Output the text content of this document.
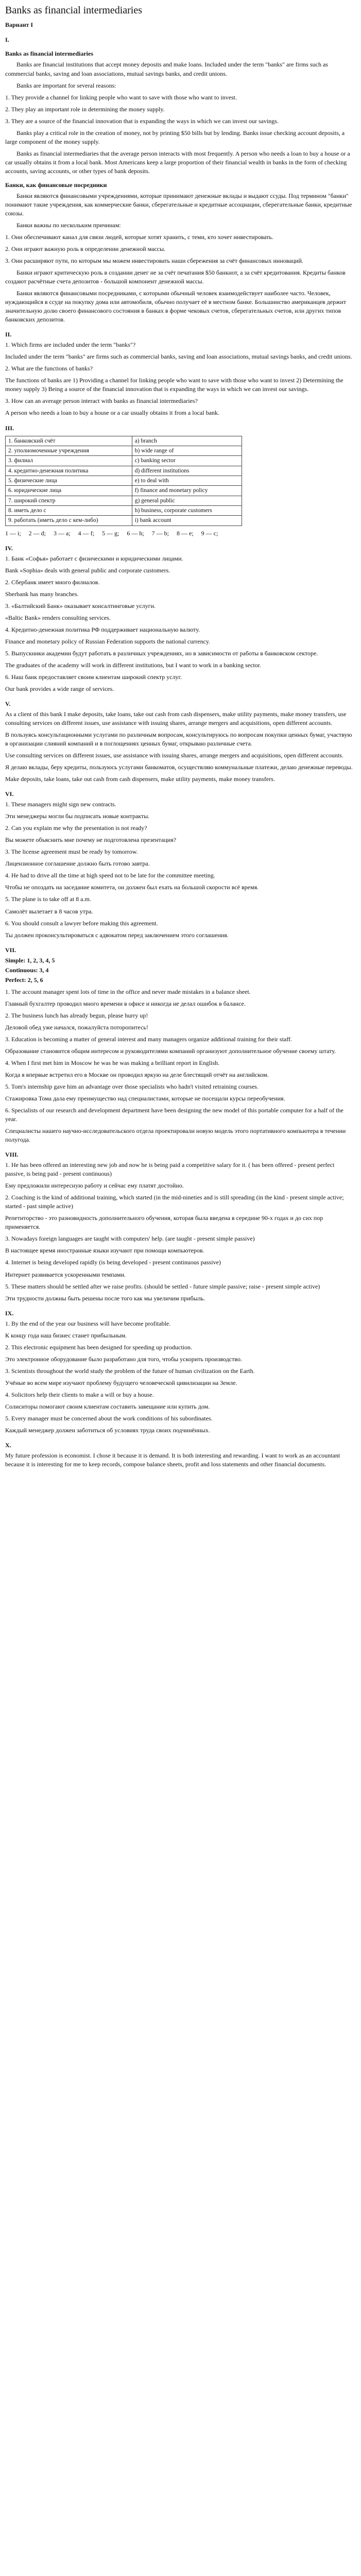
Banks as financial intermediaries

Вариант I

I.

Banks as financial intermediaries

Banks are financial institutions that accept money deposits and make loans. Included under the term "banks" are firms such as commercial banks, saving and loan associations, mutual savings banks, and credit unions.

Banks are important for several reasons:

1. They provide a channel for linking people who want to save with those who want to invest.

2. They play an important role in determining the money supply.

3. They are a source of the financial innovation that is expanding the ways in which we can invest our savings.

Banks play a critical role in the creation of money, not by printing $50 bills but by lending. Banks issue checking account deposits, a large component of the money supply.

Banks as financial intermediaries that the average person interacts with most frequently. A person who needs a loan to buy a house or a car usually obtains it from a local bank. Most Americans keep a large proportion of their financial wealth in banks in the form of checking accounts, saving accounts, or other types of bank deposits.

Банки, как финансовые посредники

Банки являются финансовыми учреждениями, которые принимают денежные вклады и выдают ссуды. Под термином "банки" понимают такие учреждения, как коммерческие банки, сберегательные и кредитные ассоциации, сберегательные банки, кредитные союзы.

Банки важны по нескольким причинам:

1. Они обеспечивают канал для связи людей, которые хотят хранить, с теми, кто хочет инвестировать.

2. Они играют важную роль в определении денежной массы.

3. Они расширяют пути, по которым мы можем инвестировать наши сбережения за счёт финансовых инноваций.

Банки играют критическую роль в создании денег не за счёт печатания $50 банкнот, а за счёт кредитования. Кредиты банков создают расчётные счета депозитов - большой компонент денежной массы.

Банки являются финансовыми посредниками, с которыми обычный человек взаимодействует наиболее часто. Человек, нуждающийся в ссуде на покупку дома или автомобиля, обычно получает её в местном банке. Большинство американцев держит значительную долю своего финансового состояния в банках в форме чековых счетов, сберегательных счетов, или других типов банковских депозитов.

II.

1. Which firms are included under the term "banks"?

Included under the term "banks" are firms such as commercial banks, saving and loan associations, mutual savings banks, and credit unions.

2. What are the functions of banks?

The functions of banks are 1) Providing a channel for linking people who want to save with those who want to invest 2) Determining the money supply 3) Being a source of the financial innovation that is expanding the ways in which we can invest our savings.

3. How can an average person interact with banks as financial intermediaries?

A person who needs a loan to buy a house or a car usually obtains it from a local bank.

III.
1. банковский счёт	a) branch
2. уполномоченные учреждения	b) wide range of
3. филиал	c) banking sector
4. кредитно-денежная политика	d) different institutions
5. физические лица	e) to deal with
6. юридические лица	f) finance and monetary policy
7. широкий спектр	g) general public
8. иметь дело с	h) business, corporate customers
9. работать (иметь дело с кем-либо)	i) bank account
1 — i;     2 — d;     3 — a;     4 — f;     5 — g;     6 — h;     7 — b;     8 — e;     9 — c;
IV.

1. Банк «Софья» работает с физическими и юридическими лицами.

Bank «Sophia» deals with general public and corporate customers.

2. Сбербанк имеет много филиалов.

Sberbank has many branches.

3. «Балтийский Банк» оказывает консалтинговые услуги.

«Baltic Bank» renders consulting services.

4. Кредитно-денежная политика РФ поддерживает национальную валюту.

Finance and monetary policy of Russian Federation supports the national currency.

5. Выпускники академии будут работать в различных учреждениях, но в зависимости от работы в банковском секторе.

The graduates of the academy will work in different institutions, but I want to work in a banking sector.

6. Наш банк предоставляет своим клиентам широкий спектр услуг.

Our bank provides a wide range of services.

V.

As a client of this bank I make deposits, take loans, take out cash from cash dispensers, make utility payments, make money transfers, use consulting services on different issues, use assistance with issuing shares, arrange mergers and acquisitions, open different accounts.

В пользуясь консультационными услугами по различным вопросам, консультируюсь по вопросам покупки ценных бумаг, участвую в организации слияний компаний и в поглощениях ценных бумаг, открываю различные счета.

Use consulting services on different issues, use assistance with issuing shares, arrange mergers and acquisitions, open different accounts.

Я делаю вклады, беру кредиты, пользуюсь услугами банкоматов, осуществляю коммунальные платежи, делаю денежные переводы.

Make deposits, take loans, take out cash from cash dispensers, make utility payments, make money transfers.

VI.

1. These managers might sign new contracts.

Эти менеджеры могли бы подписать новые контракты.

2. Can you explain me why the presentation is not ready?

Вы можете объяснить мне почему не подготовлена презентация?

3. The license agreement must be ready by tomorrow.

Лицензионное соглашение должно быть готово завтра.

4. He had to drive all the time at high speed not to be late for the committee meeting.

Чтобы не опоздать на заседание комитета, он должен был ехать на большой скорости всё время.

5. The plane is to take off at 8 a.m.

Самолёт вылетает в 8 часов утра.

6. You should consult a lawyer before making this agreement.

Ты должен проконсультироваться с адвокатом перед заключением этого соглашения.

VII.

Simple: 1, 2, 3, 4, 5

Continuous: 3, 4

Perfect: 2, 5, 6

1. The account manager spent lots of time in the office and never made mistakes in a balance sheet.

Главный бухгалтер проводил много времени в офисе и никогда не делал ошибок в балансе.

2. The business lunch has already begun, please hurry up!

Деловой обед уже начался, пожалуйста поторопитесь!

3. Education is becoming a matter of general interest and many managers organize additional training for their staff.

Образование становится общим интересом и руководителями компаний организуют дополнительное обучение своему штату.

4. When I first met him in Moscow he was he was making a brilliant report in English.

Когда я впервые встретил его в Москве он проводил яркую на деле блестящий отчёт на английском.

5. Tom's internship gave him an advantage over those specialists who hadn't visited retraining courses.

Стажировка Тома дала ему преимущество над специалистами, которые не посещали курсы переобучения.

6. Specialists of our research and development department have been designing the new model of this portable computer for a half of the year.

Специалисты нашего научно-исследовательского отдела проектировали новую модель этого портативного компьютера в течении полугода.

VIII.

1. He has been offered an interesting new job and now he is being paid a competitive salary for it. ( has been offered - present perfect passive, is being paid - present continuous)

Ему предложили интересную работу и сейчас ему платят достойно.

2. Coaching is the kind of additional training, which started (in the mid-nineties and is still spreading (in the kind - present simple active; started - past simple active)

Репетиторство - это разновидность дополнительного обучения, которая была введена в середине 90-х годах и до сих пор применяется.

3. Nowadays foreign languages are taught with computers' help. (are taught - present simple passive)

В настоящее время иностранные языки изучают при помощи компьютеров.

4. Internet is being developed rapidly (is being developed - present continuous passive)

Интернет развивается ускоренными темпами.

5. These matters should be settled after we raise profits. (should be settled - future simple passive; raise - present simple active)

Эти трудности должны быть решены после того как мы увеличим прибыль.

IX.

1. By the end of the year our business will have become profitable.

К концу года наш бизнес станет прибыльным.

2. This electronic equipment has been designed for speeding up production.

Это электронное оборудование было разработано для того, чтобы ускорить производство.

3. Scientists throughout the world study the problem of the future of human civilization on the Earth.

Учёные во всем мире изучают проблему будущего человеческой цивилизации на Земле.

4. Solicitors help their clients to make a will or buy a house.

Солиситоры помогают своим клиентам составить завещание или купить дом.

5. Every manager must be concerned about the work conditions of his subordinates.

Каждый менеджер должен заботиться об условиях труда своих подчинённых.

X.

My future profession is economist. I chose it because it is demand. It is both interesting and rewarding. I want to work as an accountant because it is interesting for me to keep records, compose balance sheets, profit and loss statements and other financial documents.
